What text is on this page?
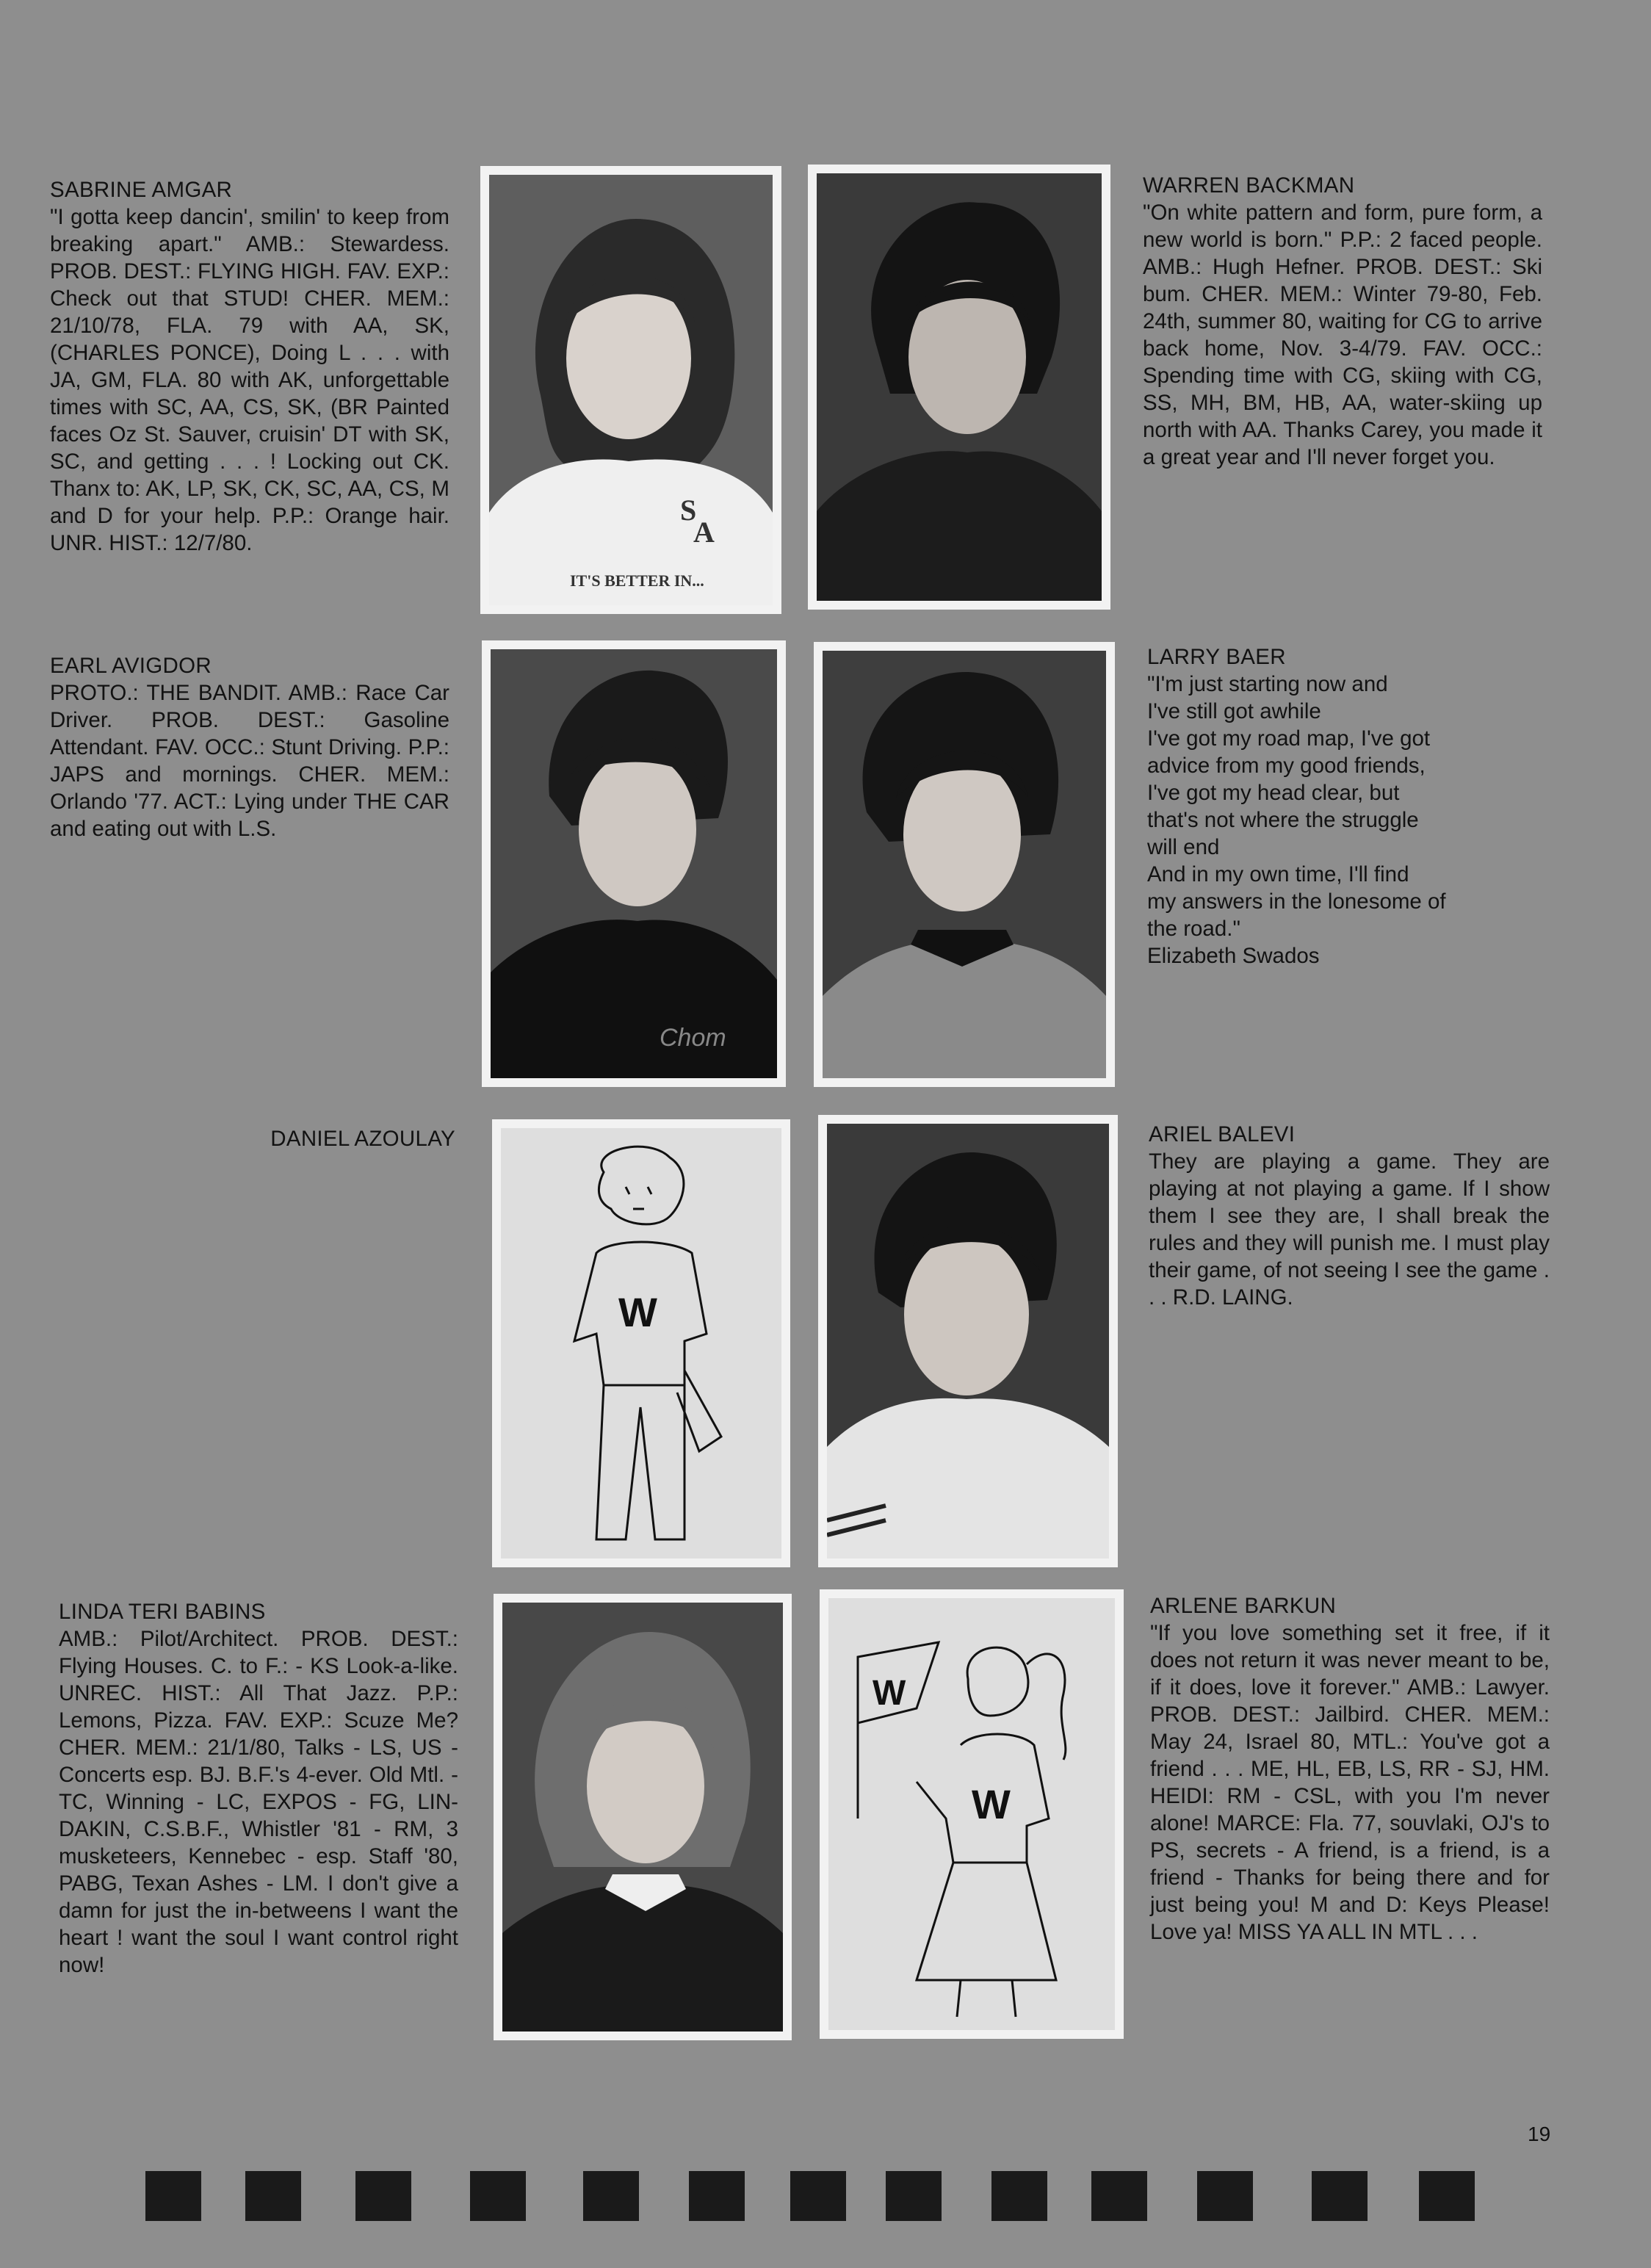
SABRINE AMGAR
"I gotta keep dancin', smilin' to keep from breaking apart." AMB.: Stewardess. PROB. DEST.: FLYING HIGH. FAV. EXP.: Check out that STUD! CHER. MEM.: 21/10/78, FLA. 79 with AA, SK, (CHARLES PONCE), Doing L . . . with JA, GM, FLA. 80 with AK, unforgettable times with SC, AA, CS, SK, (BR Painted faces Oz St. Sauver, cruisin' DT with SK, SC, and getting . . . ! Locking out CK. Thanx to: AK, LP, SK, CK, SC, AA, CS, M and D for your help. P.P.: Orange hair. UNR. HIST.: 12/7/80.
WARREN BACKMAN
"On white pattern and form, pure form, a new world is born." P.P.: 2 faced people. AMB.: Hugh Hefner. PROB. DEST.: Ski bum. CHER. MEM.: Winter 79-80, Feb. 24th, summer 80, waiting for CG to arrive back home, Nov. 3-4/79. FAV. OCC.: Spending time with CG, skiing with CG, SS, MH, BM, HB, AA, water-skiing up north with AA. Thanks Carey, you made it a great year and I'll never forget you.
EARL AVIGDOR
PROTO.: THE BANDIT. AMB.: Race Car Driver. PROB. DEST.: Gasoline Attendant. FAV. OCC.: Stunt Driving. P.P.: JAPS and mornings. CHER. MEM.: Orlando '77. ACT.: Lying under THE CAR and eating out with L.S.
LARRY BAER
"I'm just starting now and
I've still got awhile
I've got my road map, I've got
advice from my good friends,
I've got my head clear, but
that's not where the struggle
will end
And in my own time, I'll find
my answers in the lonesome of
the road."
Elizabeth Swados
DANIEL AZOULAY	ARIEL BALEVI
They are playing a game. They are playing at not playing a game. If I show them I see they are, I shall break the rules and they will punish me. I must play their game, of not seeing I see the game . . . R.D. LAING.
LINDA TERI BABINS
AMB.: Pilot/Architect. PROB. DEST.: Flying Houses. C. to F.: - KS Look-a-like. UNREC. HIST.: All That Jazz. P.P.: Lemons, Pizza. FAV. EXP.: Scuze Me? CHER. MEM.: 21/1/80, Talks - LS, US - Concerts esp. BJ. B.F.'s 4-ever. Old Mtl. - TC, Winning - LC, EXPOS - FG, LIN-DAKIN, C.S.B.F., Whistler '81 - RM, 3 musketeers, Kennebec - esp. Staff '80, PABG, Texan Ashes - LM. I don't give a damn for just the in-betweens I want the heart ! want the soul I want control right now!
ARLENE BARKUN
"If you love something set it free, if it does not return it was never meant to be, if it does, love it forever." AMB.: Lawyer. PROB. DEST.: Jailbird. CHER. MEM.: May 24, Israel 80, MTL.: You've got a friend . . . ME, HL, EB, LS, RR - SJ, HM. HEIDI: RM - CSL, with you I'm never alone! MARCE: Fla. 77, souvlaki, OJ's to PS, secrets - A friend, is a friend, is a friend - Thanks for being there and for just being you! M and D: Keys Please! Love ya! MISS YA ALL IN MTL . . .
S
A
IT'S BETTER IN...
Chom
W
W
W
19
